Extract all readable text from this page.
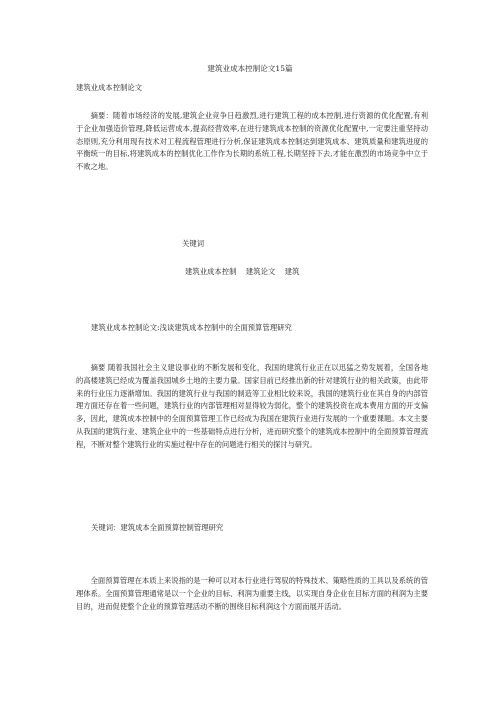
建筑业成本控制论文15篇
建筑业成本控制论文
摘要：随着市场经济的发展,建筑企业竞争日趋激烈,进行建筑工程的成本控制,进行资源的优化配置,有利于企业加强造价管理,降低运营成本,提高经营效率,在进行建筑成本控制的资源优化配置中,一定要注重坚持动态原则,充分利用现有技术对工程流程管理进行分析,保证建筑成本控制达到建筑成本、建筑质量和建筑进度的平衡统一的目标,将建筑成本的控制优化工作作为长期的系统工程,长期坚持下去,才能在激烈的市场竞争中立于不败之地。
关键词
建筑业成本控制    建筑论文    建筑
建筑业成本控制论文:浅谈建筑成本控制中的全面预算管理研究
摘要 随着我国社会主义建设事业的不断发展和变化，我国的建筑行业正在以迅猛之势发展着，全国各地的高楼建筑已经成为覆盖我国城乡土地的主要力量。国家目前已经推出新的针对建筑行业的相关政策，由此带来的行业压力逐渐增加。我国的建筑行业与我国的制造等工业相比较来说，我国的建筑行业在其自身的内部管理方面还存在着一些问题，建筑行业的内部管理相对显得较为弱化，整个的建筑投资在成本费用方面的开支偏多，因此，建筑成本控制中的全面预算管理工作已经成为我国在建筑行业进行发展的一个重要课题。本文主要从我国的建筑行业、建筑企业中的一些基础特点进行分析，进而研究整个的建筑成本控制中的全面预算管理流程，不断对整个建筑行业的实施过程中存在的问题进行相关的探讨与研究。
关键词：建筑成本全面预算控制管理研究
全面预算管理在本质上来说指的是一种可以对本行业进行驾驭的特殊技术、策略性质的工具以及系统的管理体系。全面预算管理通常是以一个企业的目标、利润为重要主线，以实现自身企业在目标方面的利润为主要目的，进而促使整个企业的预算管理活动不断的围绕目标利润这个方面而展开活动。
